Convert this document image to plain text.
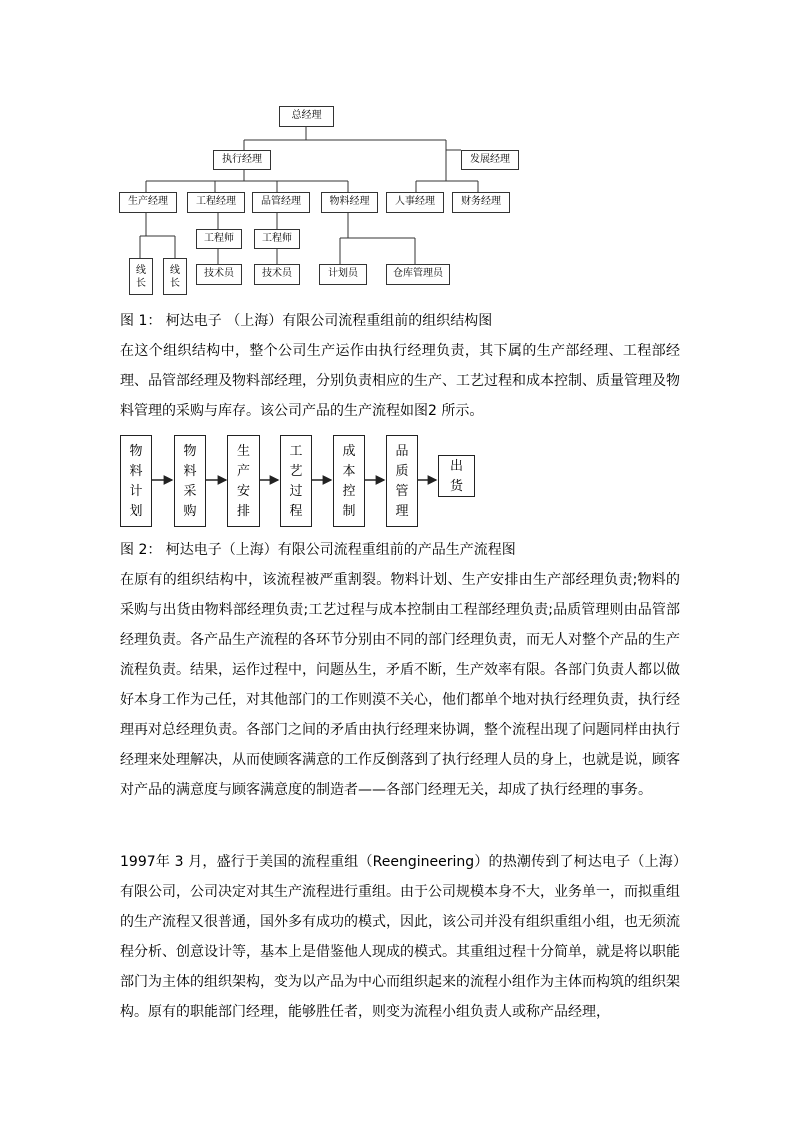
总经理
执行经理	发展经理
生产经理	工程经理	品管经理	物料经理	人事经理	财务经理
工程师	工程师
技术员	技术员
线长
线长
计划员	仓库管理员
图 1： 柯达电子 （上海）有限公司流程重组前的组织结构图

在这个组织结构中，整个公司生产运作由执行经理负责，其下属的生产部经理、工程部经理、品管部经理及物料部经理，分别负责相应的生产、工艺过程和成本控制、质量管理及物料管理的采购与库存。该公司产品的生产流程如图2 所示。

物料计划
物料采购
生产安排
工艺过程
成本控制
品质管理
出货
图 2： 柯达电子（上海）有限公司流程重组前的产品生产流程图

在原有的组织结构中，该流程被严重割裂。物料计划、生产安排由生产部经理负责;物料的采购与出货由物料部经理负责;工艺过程与成本控制由工程部经理负责;品质管理则由品管部经理负责。各产品生产流程的各环节分别由不同的部门经理负责，而无人对整个产品的生产流程负责。结果，运作过程中，问题丛生，矛盾不断，生产效率有限。各部门负责人都以做好本身工作为己任，对其他部门的工作则漠不关心，他们都单个地对执行经理负责，执行经理再对总经理负责。各部门之间的矛盾由执行经理来协调，整个流程出现了问题同样由执行经理来处理解决，从而使顾客满意的工作反倒落到了执行经理人员的身上，也就是说，顾客对产品的满意度与顾客满意度的制造者——各部门经理无关，却成了执行经理的事务。

1997年 3 月，盛行于美国的流程重组（Reengineering）的热潮传到了柯达电子（上海）有限公司，公司决定对其生产流程进行重组。由于公司规模本身不大，业务单一，而拟重组的生产流程又很普通，国外多有成功的模式，因此，该公司并没有组织重组小组，也无须流程分析、创意设计等，基本上是借鉴他人现成的模式。其重组过程十分简单，就是将以职能部门为主体的组织架构，变为以产品为中心而组织起来的流程小组作为主体而构筑的组织架构。原有的职能部门经理，能够胜任者，则变为流程小组负责人或称产品经理，
